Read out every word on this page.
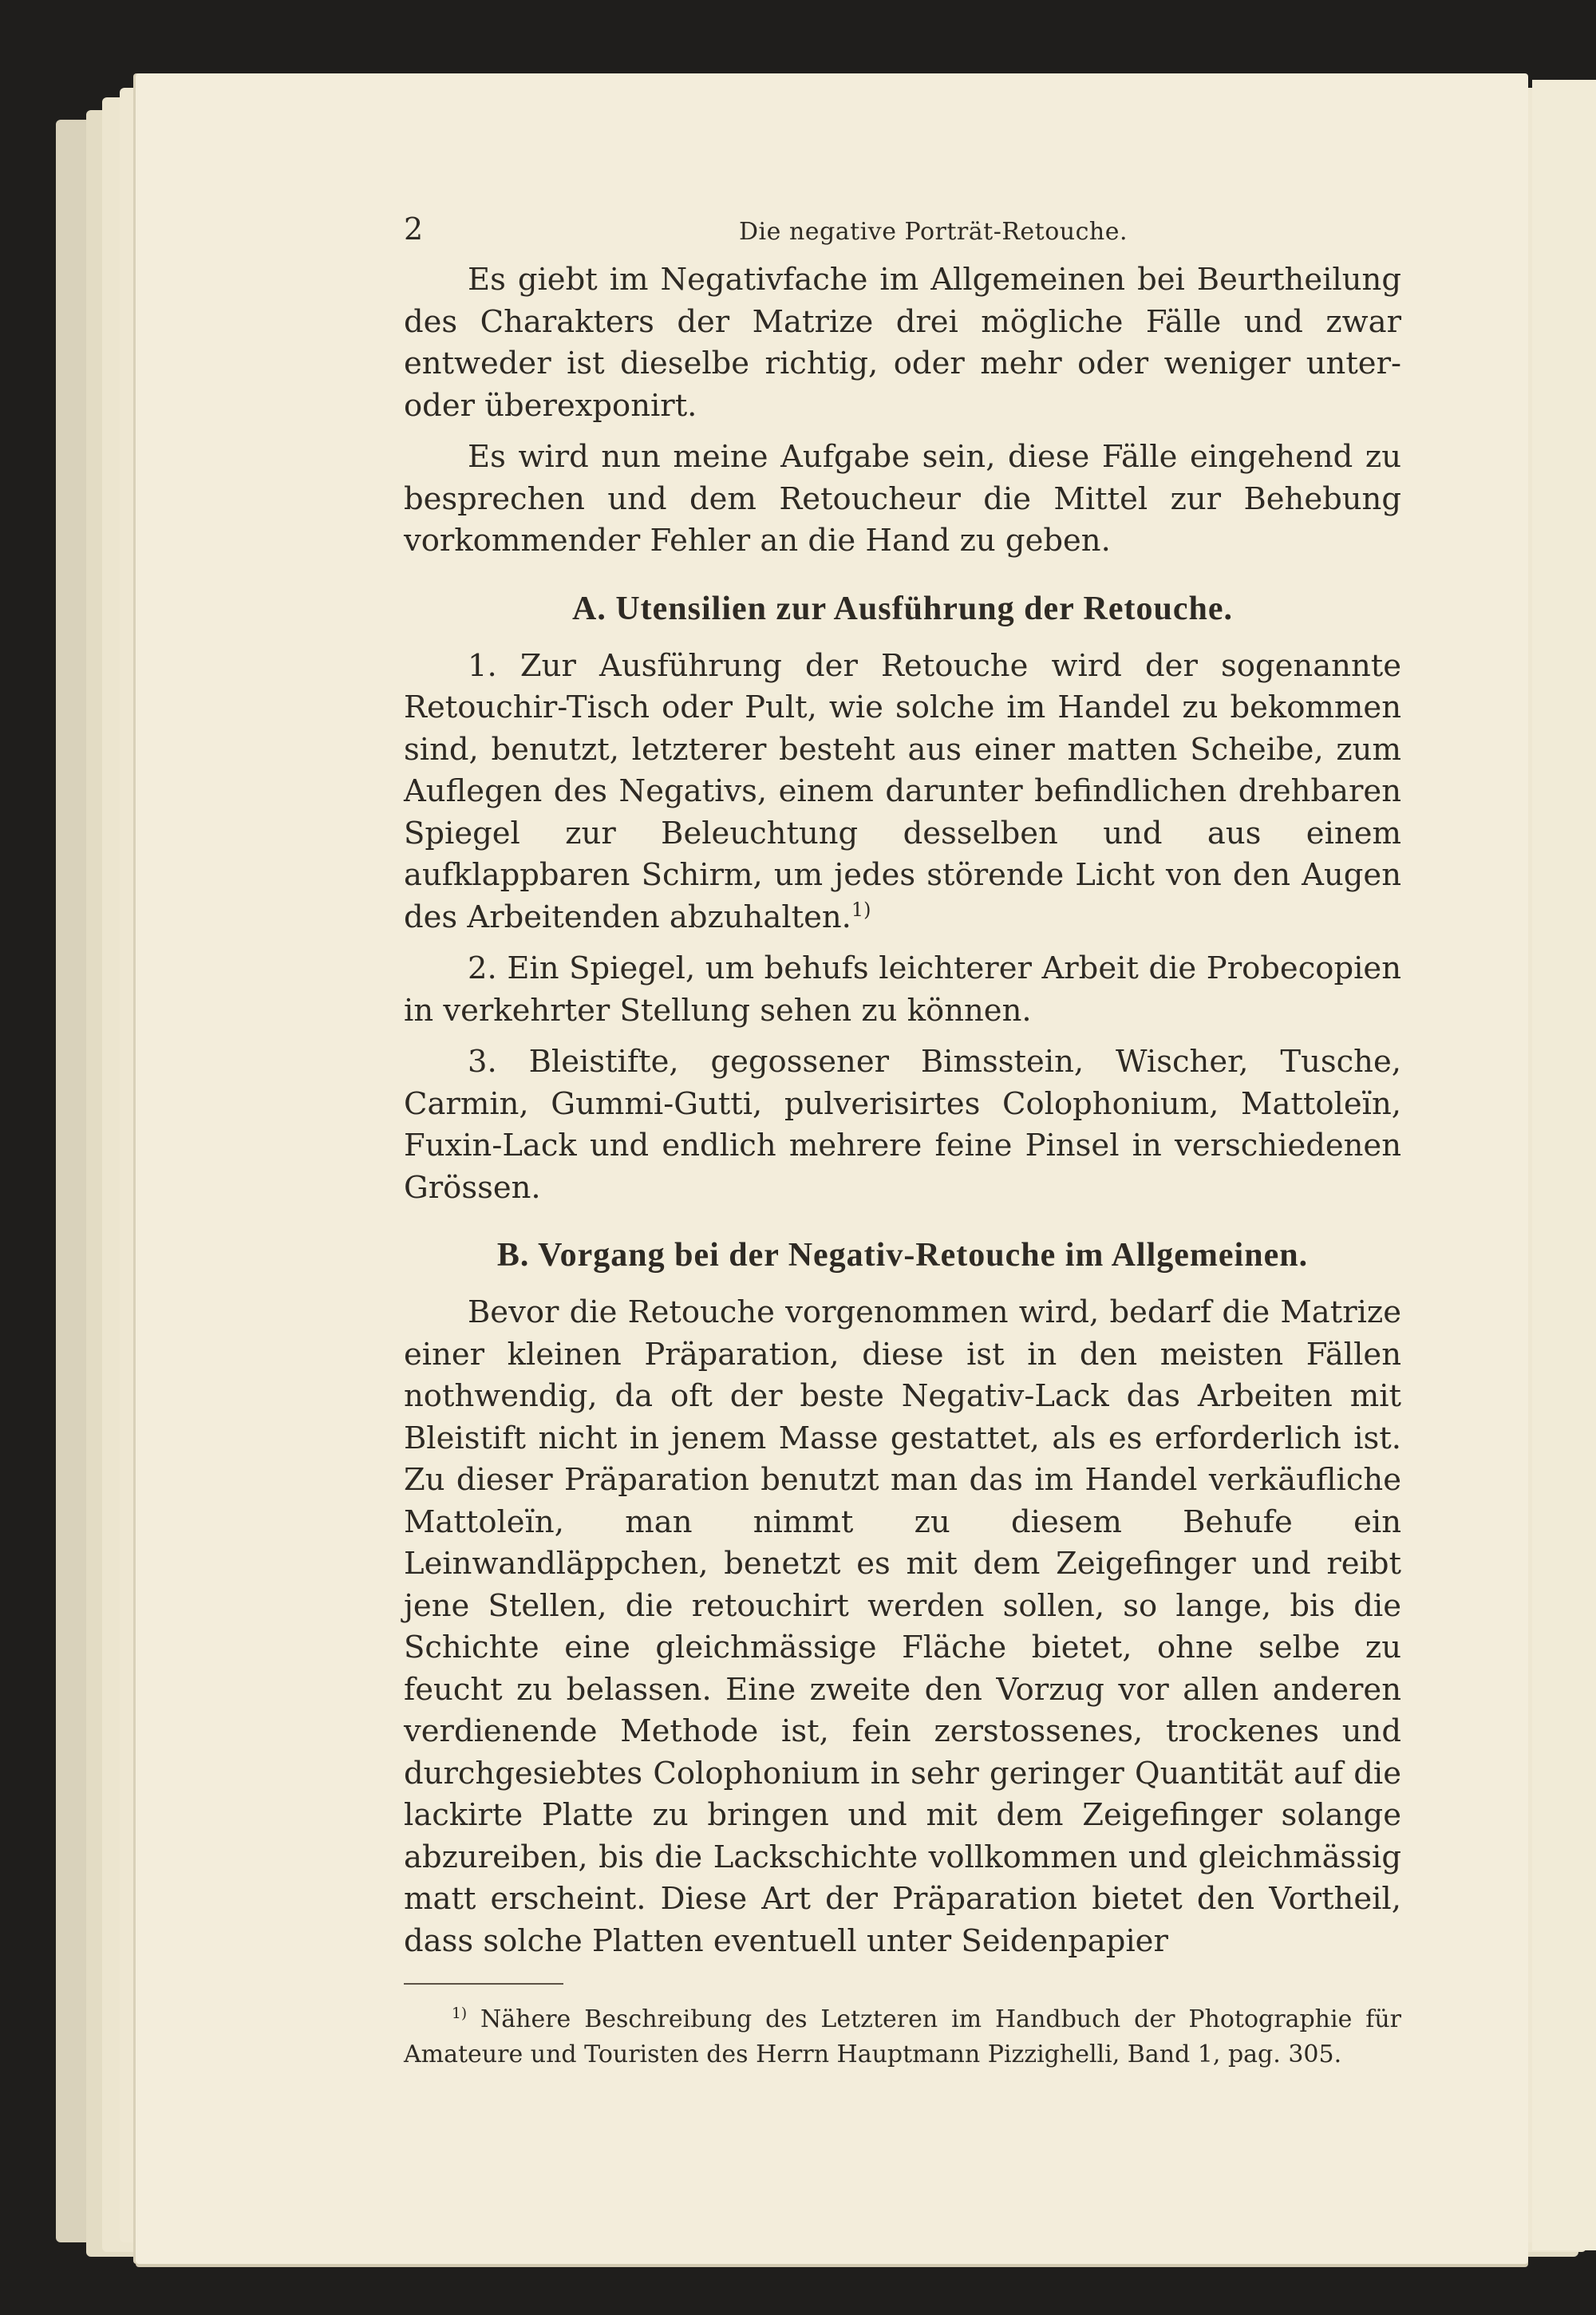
2	Die negative Porträt-Retouche.

Es giebt im Negativfache im Allgemeinen bei Beurtheilung des Charakters der Matrize drei mögliche Fälle und zwar entweder ist dieselbe richtig, oder mehr oder weniger unter- oder überexponirt.

Es wird nun meine Aufgabe sein, diese Fälle eingehend zu besprechen und dem Retoucheur die Mittel zur Behebung vorkommender Fehler an die Hand zu geben.

A. Utensilien zur Ausführung der Retouche.

1. Zur Ausführung der Retouche wird der sogenannte Retouchir-Tisch oder Pult, wie solche im Handel zu bekommen sind, benutzt, letzterer besteht aus einer matten Scheibe, zum Auflegen des Negativs, einem darunter befindlichen drehbaren Spiegel zur Beleuchtung desselben und aus einem aufklappbaren Schirm, um jedes störende Licht von den Augen des Arbeitenden abzuhalten.$^{1)}$

2. Ein Spiegel, um behufs leichterer Arbeit die Probecopien in verkehrter Stellung sehen zu können.

3. Bleistifte, gegossener Bimsstein, Wischer, Tusche, Carmin, Gummi-Gutti, pulverisirtes Colophonium, Mattoleïn, Fuxin-Lack und endlich mehrere feine Pinsel in verschiedenen Grössen.

B. Vorgang bei der Negativ-Retouche im Allgemeinen.

Bevor die Retouche vorgenommen wird, bedarf die Matrize einer kleinen Präparation, diese ist in den meisten Fällen nothwendig, da oft der beste Negativ-Lack das Arbeiten mit Bleistift nicht in jenem Masse gestattet, als es erforderlich ist. Zu dieser Präparation benutzt man das im Handel verkäufliche Mattoleïn, man nimmt zu diesem Behufe ein Leinwandläppchen, benetzt es mit dem Zeigefinger und reibt jene Stellen, die retouchirt werden sollen, so lange, bis die Schichte eine gleichmässige Fläche bietet, ohne selbe zu feucht zu belassen. Eine zweite den Vorzug vor allen anderen verdienende Methode ist, fein zerstossenes, trockenes und durchgesiebtes Colophonium in sehr geringer Quantität auf die lackirte Platte zu bringen und mit dem Zeigefinger solange abzureiben, bis die Lackschichte vollkommen und gleichmässig matt erscheint. Diese Art der Präparation bietet den Vortheil, dass solche Platten eventuell unter Seidenpapier

$^{1)}$ Nähere Beschreibung des Letzteren im Handbuch der Photographie für Amateure und Touristen des Herrn Hauptmann Pizzighelli, Band 1, pag. 305.
